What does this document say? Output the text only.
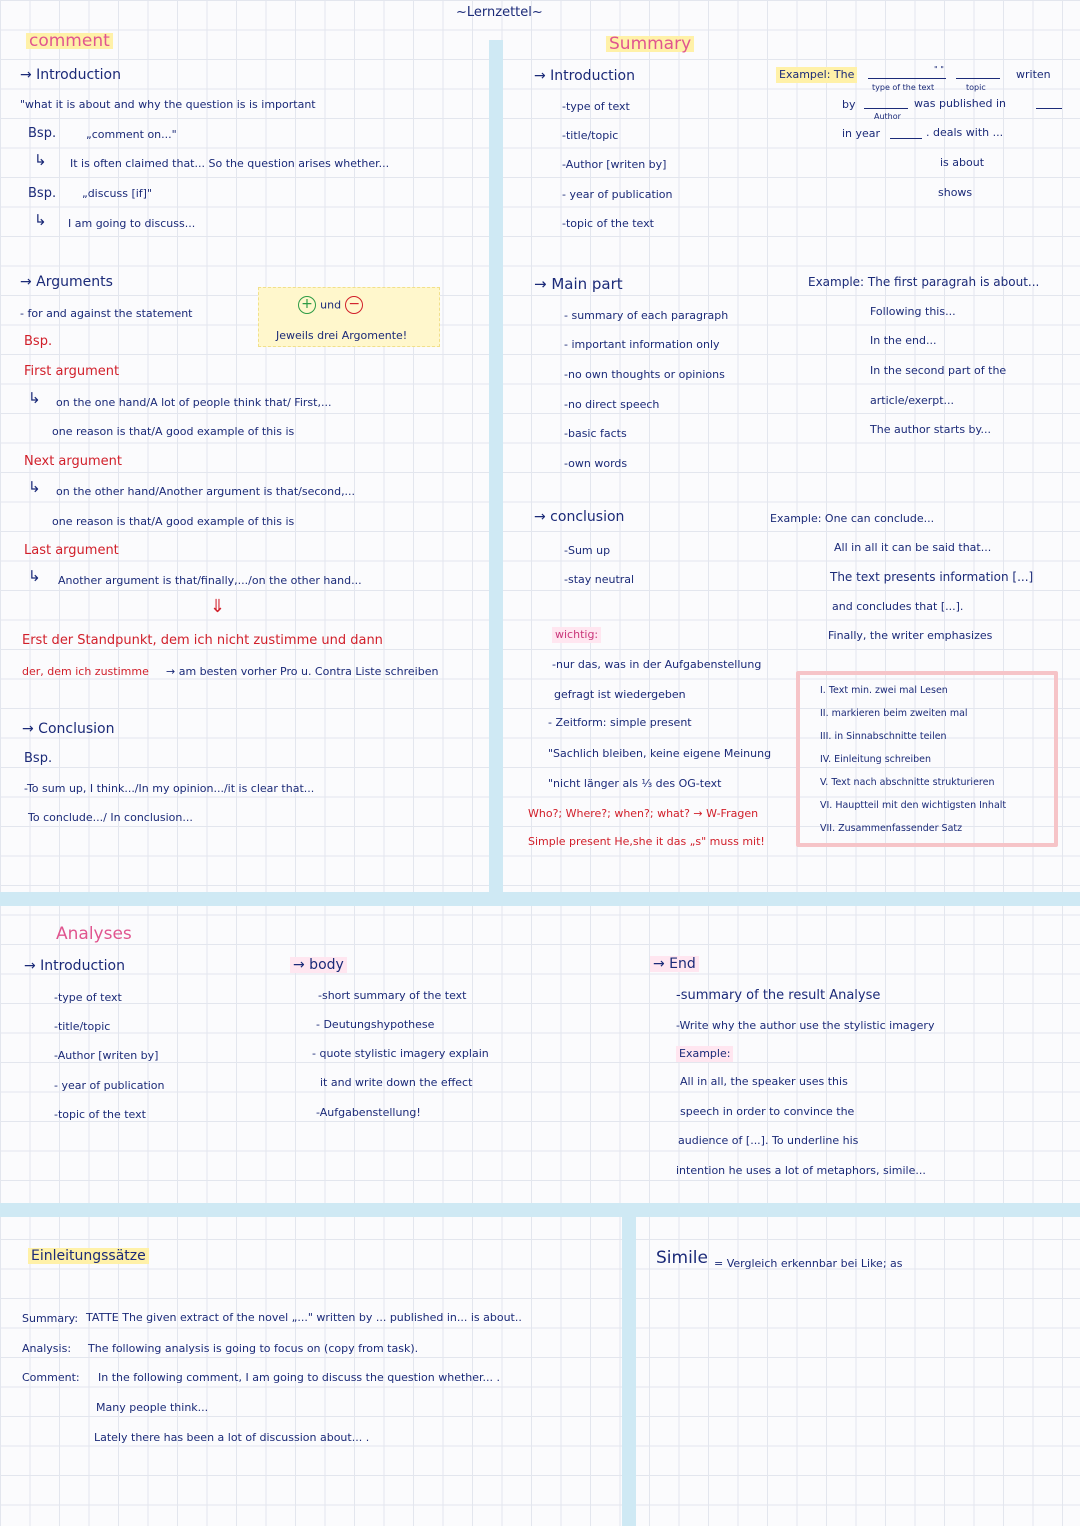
~Lernzettel~
comment
→ Introduction
"what it is about and why the question is is important
Bsp.	„comment on..."
↳ It is often claimed that... So the question arises whether...
Bsp. „discuss [if]"
↳ I am going to discuss...
→ Arguments
- for and against the statement
+ und −
Jeweils drei Argomente!
Bsp.
First argument
↳ on the one hand/A lot of people think that/ First,...
one reason is that/A good example of this is
Next argument
↳ on the other hand/Another argument is that/second,...
one reason is that/A good example of this is
Last argument
↳ Another argument is that/finally,.../on the other hand...
⇓
Erst der Standpunkt, dem ich nicht zustimme und dann
der, dem ich zustimme → am besten vorher Pro u. Contra Liste schreiben
→ Conclusion
Bsp.
-To sum up, I think.../In my opinion.../it is clear that...
To conclude.../ In conclusion...
Summary
→ Introduction
-type of text
-title/topic
-Author [writen by]
- year of publication
-topic of the text
Exampel: The
type of the text
" "
topic
writen
by
Author
was published in
in year	. deals with ...
is about
shows
→ Main part
- summary of each paragraph
- important information only
-no own thoughts or opinions
-no direct speech
-basic facts
-own words
Example: The first paragrah is about...
Following this...
In the end...
In the second part of the
article/exerpt...
The author starts by...
→ conclusion
-Sum up
-stay neutral
Example: One can conclude...
All in all it can be said that...
The text presents information [...]
and concludes that [...].
Finally, the writer emphasizes
wichtig:
-nur das, was in der Aufgabenstellung
gefragt ist wiedergeben
- Zeitform: simple present
"Sachlich bleiben, keine eigene Meinung
"nicht länger als ⅓ des OG-text
Who?; Where?; when?; what? → W-Fragen
Simple present He,she it das „s" muss mit!
I. Text min. zwei mal Lesen
II. markieren beim zweiten mal
III. in Sinnabschnitte teilen
IV. Einleitung schreiben
V. Text nach abschnitte strukturieren
VI. Hauptteil mit den wichtigsten Inhalt
VII. Zusammenfassender Satz
Analyses
→ Introduction
-type of text
-title/topic
-Author [writen by]
- year of publication
-topic of the text
→ body
-short summary of the text
- Deutungshypothese
- quote stylistic imagery explain
it and write down the effect
-Aufgabenstellung!
→ End
-summary of the result Analyse
-Write why the author use the stylistic imagery
Example:
All in all, the speaker uses this
speech in order to convince the
audience of [...]. To underline his
intention he uses a lot of metaphors, simile...
Einleitungssätze
Summary: TATTE The given extract of the novel „..." written by ... published in... is about..
Analysis: The following analysis is going to focus on (copy from task).
Comment: In the following comment, I am going to discuss the question whether... .
Many people think...
Lately there has been a lot of discussion about... .
Simile = Vergleich erkennbar bei Like; as
